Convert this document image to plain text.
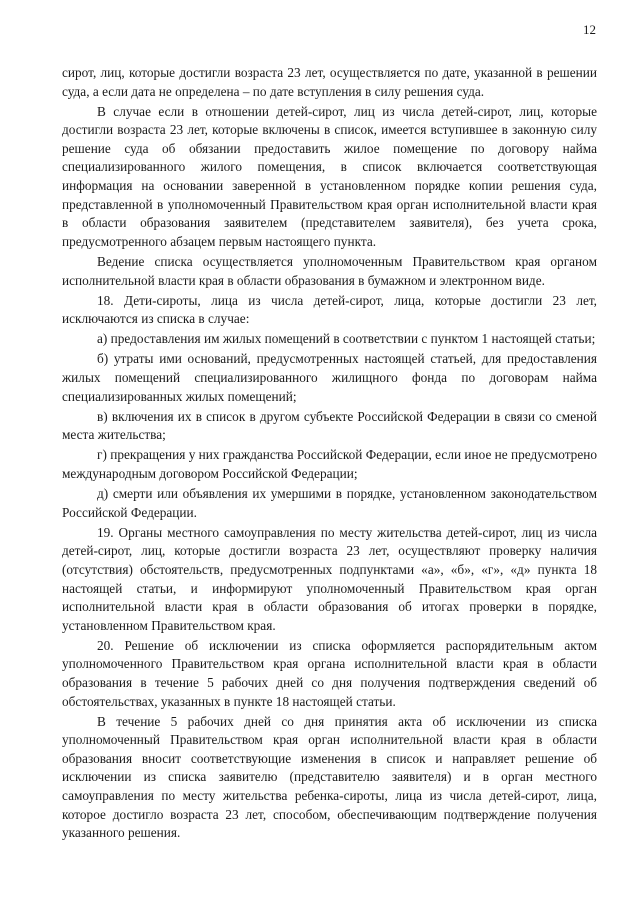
12

сирот, лиц, которые достигли возраста 23 лет, осуществляется по дате, указанной в решении суда, а если дата не определена – по дате вступления в силу решения суда.

В случае если в отношении детей-сирот, лиц из числа детей-сирот, лиц, которые достигли возраста 23 лет, которые включены в список, имеется вступившее в законную силу решение суда об обязании предоставить жилое помещение по договору найма специализированного жилого помещения, в список включается соответствующая информация на основании заверенной в установленном порядке копии решения суда, представленной в уполномоченный Правительством края орган исполнительной власти края в области образования заявителем (представителем заявителя), без учета срока, предусмотренного абзацем первым настоящего пункта.

Ведение списка осуществляется уполномоченным Правительством края органом исполнительной власти края в области образования в бумажном и электронном виде.

18. Дети-сироты, лица из числа детей-сирот, лица, которые достигли 23 лет, исключаются из списка в случае:

а) предоставления им жилых помещений в соответствии с пунктом 1 настоящей статьи;

б) утраты ими оснований, предусмотренных настоящей статьей, для предоставления жилых помещений специализированного жилищного фонда по договорам найма специализированных жилых помещений;

в) включения их в список в другом субъекте Российской Федерации в связи со сменой места жительства;

г) прекращения у них гражданства Российской Федерации, если иное не предусмотрено международным договором Российской Федерации;

д) смерти или объявления их умершими в порядке, установленном законодательством Российской Федерации.

19. Органы местного самоуправления по месту жительства детей-сирот, лиц из числа детей-сирот, лиц, которые достигли возраста 23 лет, осуществляют проверку наличия (отсутствия) обстоятельств, предусмотренных подпунктами «а», «б», «г», «д» пункта 18 настоящей статьи, и информируют уполномоченный Правительством края орган исполнительной власти края в области образования об итогах проверки в порядке, установленном Правительством края.

20. Решение об исключении из списка оформляется распорядительным актом уполномоченного Правительством края органа исполнительной власти края в области образования в течение 5 рабочих дней со дня получения подтверждения сведений об обстоятельствах, указанных в пункте 18 настоящей статьи.

В течение 5 рабочих дней со дня принятия акта об исключении из списка уполномоченный Правительством края орган исполнительной власти края в области образования вносит соответствующие изменения в список и направляет решение об исключении из списка заявителю (представителю заявителя) и в орган местного самоуправления по месту жительства ребенка-сироты, лица из числа детей-сирот, лица, которое достигло возраста 23 лет, способом, обеспечивающим подтверждение получения указанного решения.
